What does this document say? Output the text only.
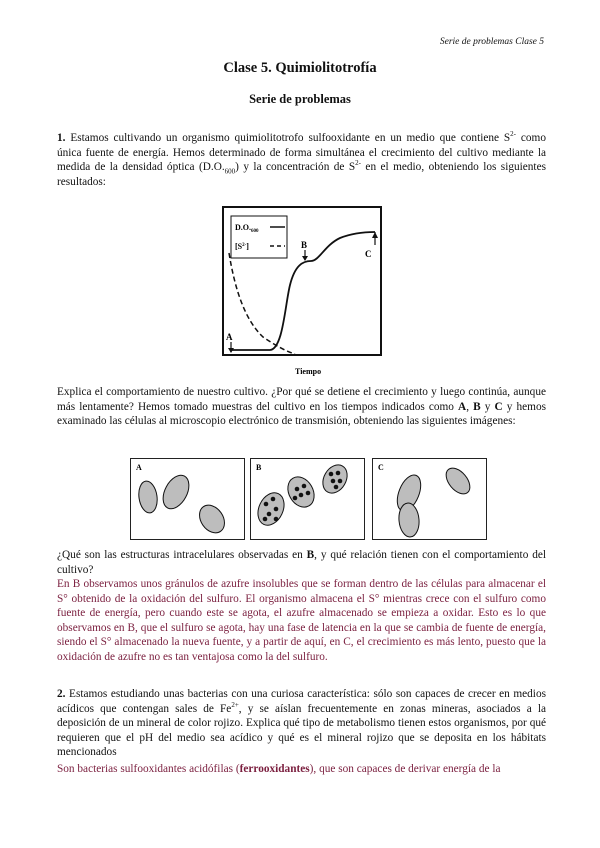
Serie de problemas Clase 5
Clase 5. Quimiolitotrofía
Serie de problemas
1. Estamos cultivando un organismo quimiolitotrofo sulfooxidante en un medio que contiene $S^{2-}$ como única fuente de energía. Hemos determinado de forma simultánea el crecimiento del cultivo mediante la medida de la densidad óptica $(D.O._{600})$ y la concentración de $S^{2-}$ en el medio, obteniendo los siguientes resultados:
$D.O._{600}$
$[S^{2-}]$
A
B
C
Tiempo
Explica el comportamiento de nuestro cultivo. ¿Por qué se detiene el crecimiento y luego continúa, aunque más lentamente? Hemos tomado muestras del cultivo en los tiempos indicados como A, B y C y hemos examinado las células al microscopio electrónico de transmisión, obteniendo las siguientes imágenes:
A	B	C
¿Qué son las estructuras intracelulares observadas en B, y qué relación tienen con el comportamiento del cultivo?
En B observamos unos gránulos de azufre insolubles que se forman dentro de las células para almacenar el S° obtenido de la oxidación del sulfuro. El organismo almacena el S° mientras crece con el sulfuro como fuente de energía, pero cuando este se agota, el azufre almacenado se empieza a oxidar. Esto es lo que observamos en B, que el sulfuro se agota, hay una fase de latencia en la que se cambia de fuente de energía, siendo el S° almacenado la nueva fuente, y a partir de aquí, en C, el crecimiento es más lento, puesto que la oxidación de azufre no es tan ventajosa como la del sulfuro.
2. Estamos estudiando unas bacterias con una curiosa característica: sólo son capaces de crecer en medios acídicos que contengan sales de $Fe^{2+}$, y se aíslan frecuentemente en zonas mineras, asociados a la deposición de un mineral de color rojizo. Explica qué tipo de metabolismo tienen estos organismos, por qué requieren que el pH del medio sea acídico y qué es el mineral rojizo que se deposita en los hábitats mencionados
Son bacterias sulfooxidantes acidófilas (ferrooxidantes), que son capaces de derivar energía de la
